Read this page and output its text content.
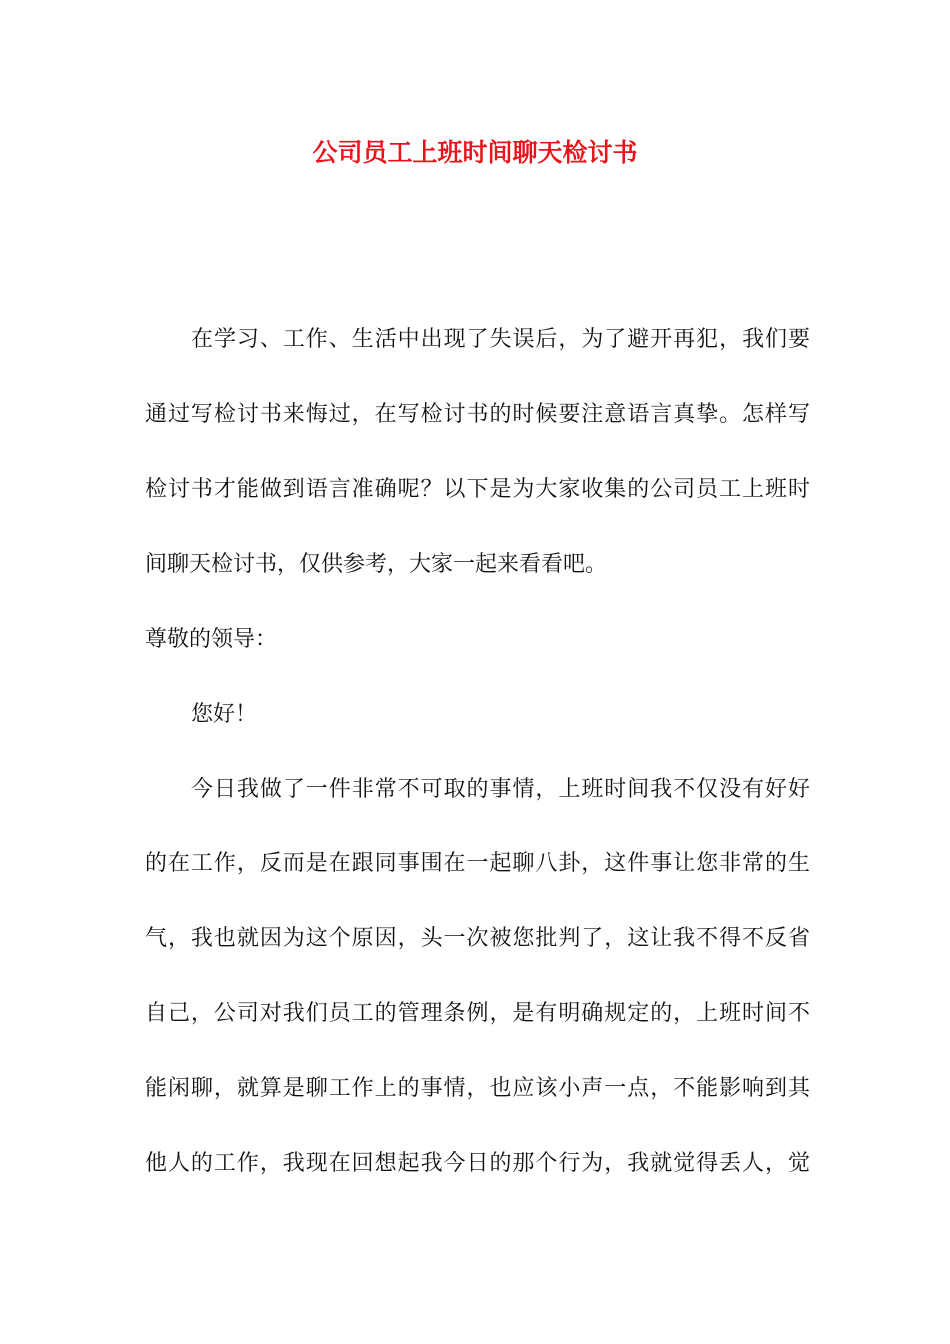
公司员工上班时间聊天检讨书
在学习、工作、生活中出现了失误后，为了避开再犯，我们要
通过写检讨书来悔过，在写检讨书的时候要注意语言真挚。怎样写
检讨书才能做到语言准确呢？以下是为大家收集的公司员工上班时
间聊天检讨书，仅供参考，大家一起来看看吧。
尊敬的领导：
您好！
今日我做了一件非常不可取的事情，上班时间我不仅没有好好
的在工作，反而是在跟同事围在一起聊八卦，这件事让您非常的生
气，我也就因为这个原因，头一次被您批判了，这让我不得不反省
自己，公司对我们员工的管理条例，是有明确规定的，上班时间不
能闲聊，就算是聊工作上的事情，也应该小声一点，不能影响到其
他人的工作，我现在回想起我今日的那个行为，我就觉得丢人，觉
